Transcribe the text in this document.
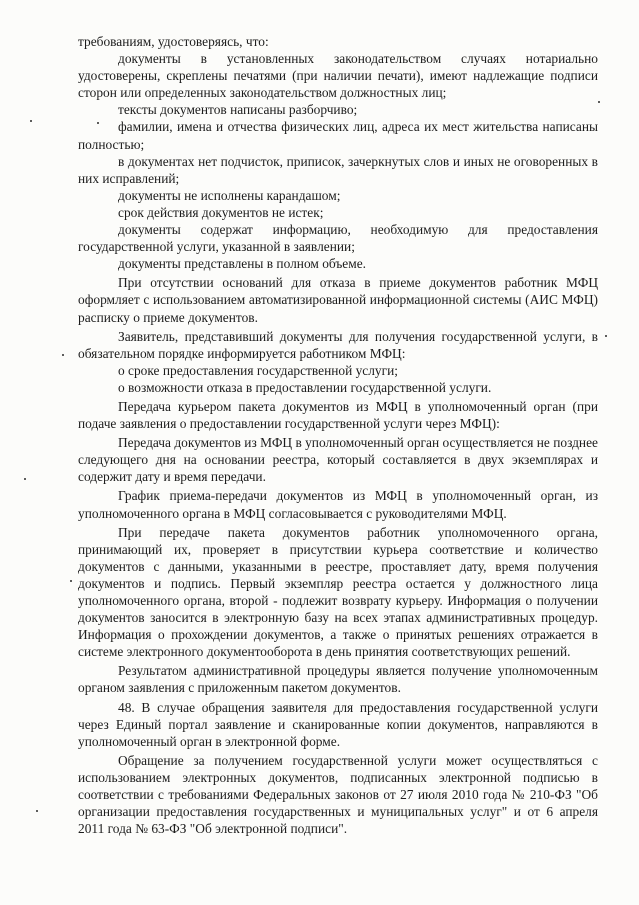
требованиям, удостоверяясь, что:

документы в установленных законодательством случаях нотариально удостоверены, скреплены печатями (при наличии печати), имеют надлежащие подписи сторон или определенных законодательством должностных лиц;

тексты документов написаны разборчиво;

фамилии, имена и отчества физических лиц, адреса их мест жительства написаны полностью;

в документах нет подчисток, приписок, зачеркнутых слов и иных не оговоренных в них исправлений;

документы не исполнены карандашом;

срок действия документов не истек;

документы содержат информацию, необходимую для предоставления государственной услуги, указанной в заявлении;

документы представлены в полном объеме.

При отсутствии оснований для отказа в приеме документов работник МФЦ оформляет с использованием автоматизированной информационной системы (АИС МФЦ) расписку о приеме документов.

Заявитель, представивший документы для получения государственной услуги, в обязательном порядке информируется работником МФЦ:

о сроке предоставления государственной услуги;

о возможности отказа в предоставлении государственной услуги.

Передача курьером пакета документов из МФЦ в уполномоченный орган (при подаче заявления о предоставлении государственной услуги через МФЦ):

Передача документов из МФЦ в уполномоченный орган осуществляется не позднее следующего дня на основании реестра, который составляется в двух экземплярах и содержит дату и время передачи.

График приема-передачи документов из МФЦ в уполномоченный орган, из уполномоченного органа в МФЦ согласовывается с руководителями МФЦ.

При передаче пакета документов работник уполномоченного органа, принимающий их, проверяет в присутствии курьера соответствие и количество документов с данными, указанными в реестре, проставляет дату, время получения документов и подпись. Первый экземпляр реестра остается у должностного лица уполномоченного органа, второй - подлежит возврату курьеру. Информация о получении документов заносится в электронную базу на всех этапах административных процедур. Информация о прохождении документов, а также о принятых решениях отражается в системе электронного документооборота в день принятия соответствующих решений.

Результатом административной процедуры является получение уполномоченным органом заявления с приложенным пакетом документов.

48. В случае обращения заявителя для предоставления государственной услуги через Единый портал заявление и сканированные копии документов, направляются в уполномоченный орган в электронной форме.

Обращение за получением государственной услуги может осуществляться с использованием электронных документов, подписанных электронной подписью в соответствии с требованиями Федеральных законов от 27 июля 2010 года № 210-ФЗ "Об организации предоставления государственных и муниципальных услуг" и от 6 апреля 2011 года № 63-ФЗ "Об электронной подписи".
